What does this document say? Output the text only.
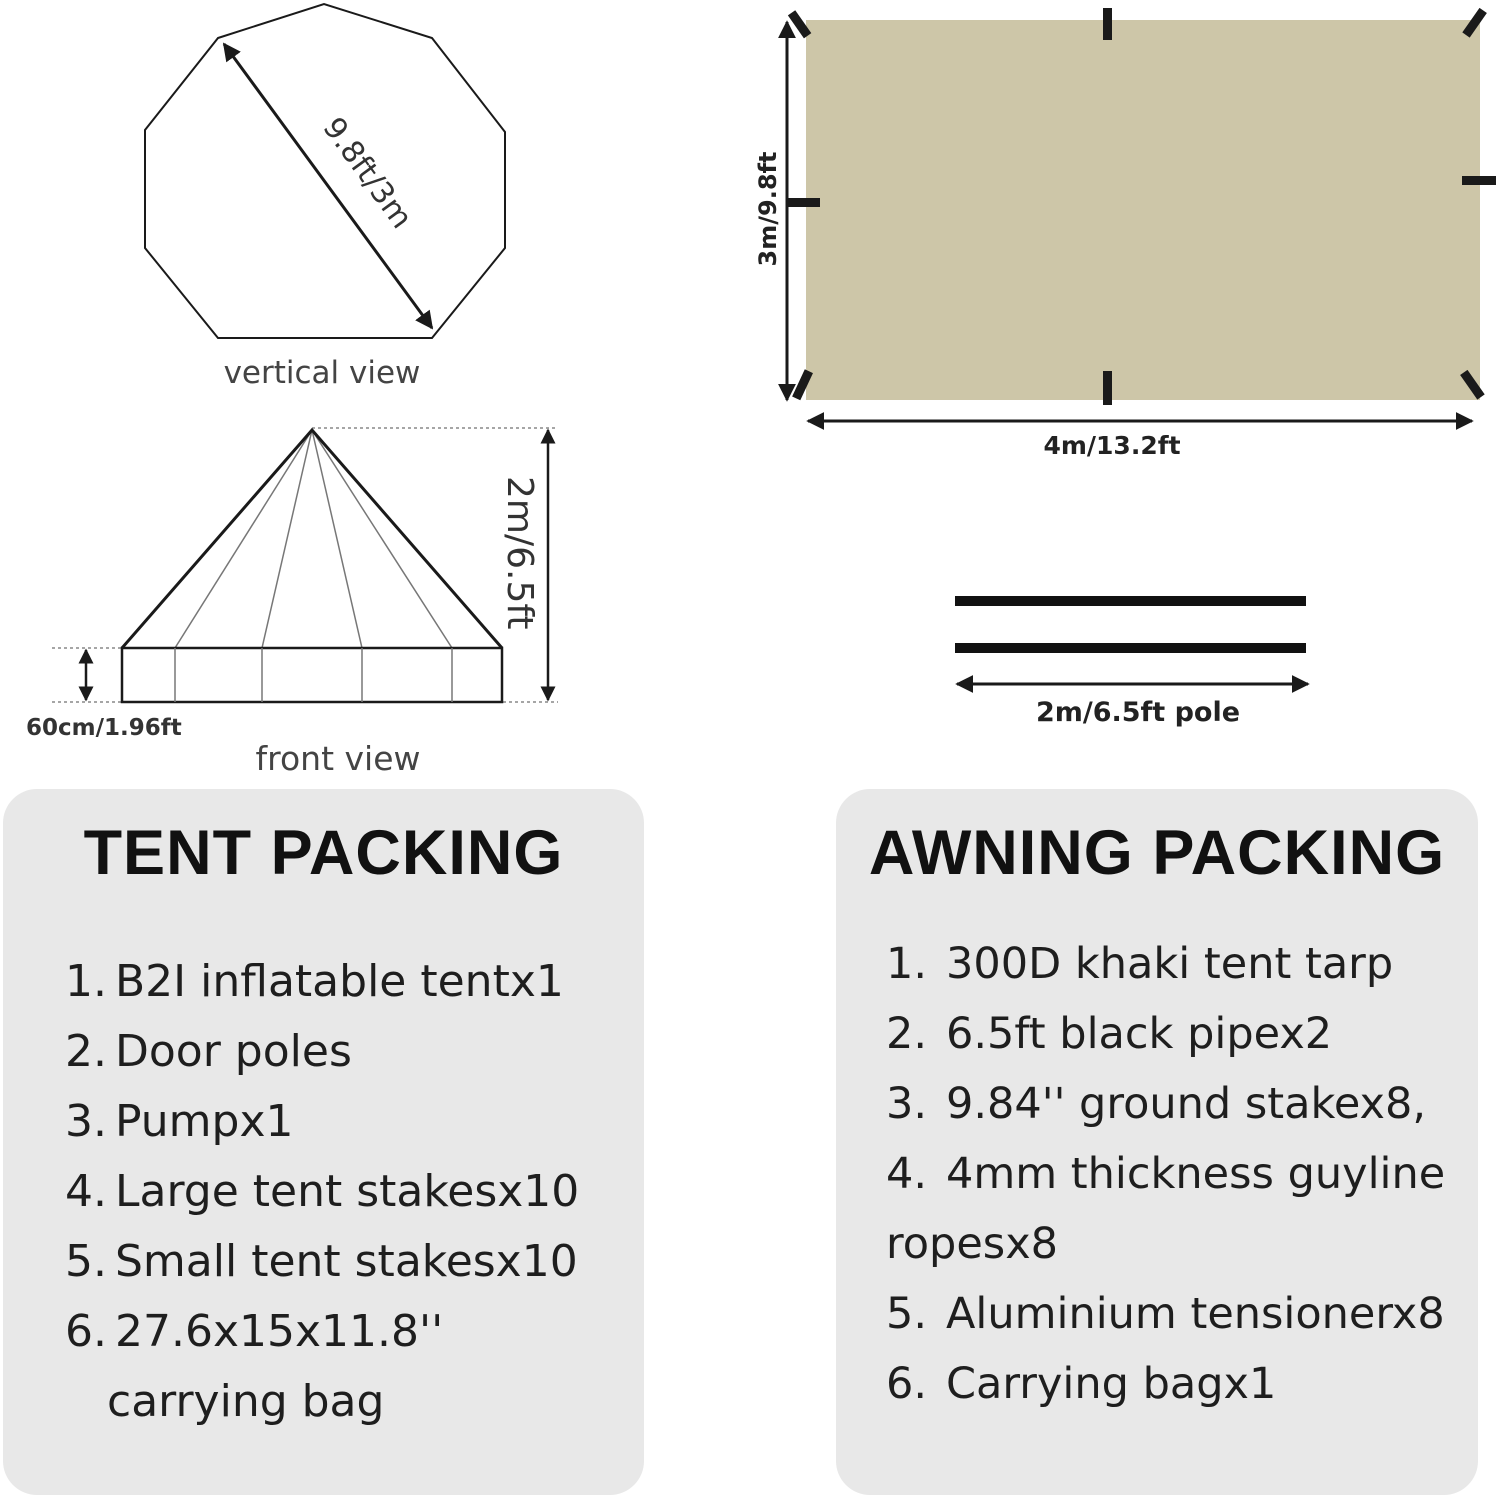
9.8ft/3m
vertical view
2m/6.5ft
60cm/1.96ft
front view
3m/9.8ft
4m/13.2ft
2m/6.5ft pole
TENT PACKING
1. B2I inflatable tentx1
2. Door poles
3. Pumpx1
4. Large tent stakesx10
5. Small tent stakesx10
6. 27.6x15x11.8''
carrying bag
AWNING PACKING
1. 300D khaki tent tarp
2. 6.5ft black pipex2
3. 9.84'' ground stakex8,
4. 4mm thickness guyline
ropesx8
5. Aluminium tensionerx8
6. Carrying bagx1
